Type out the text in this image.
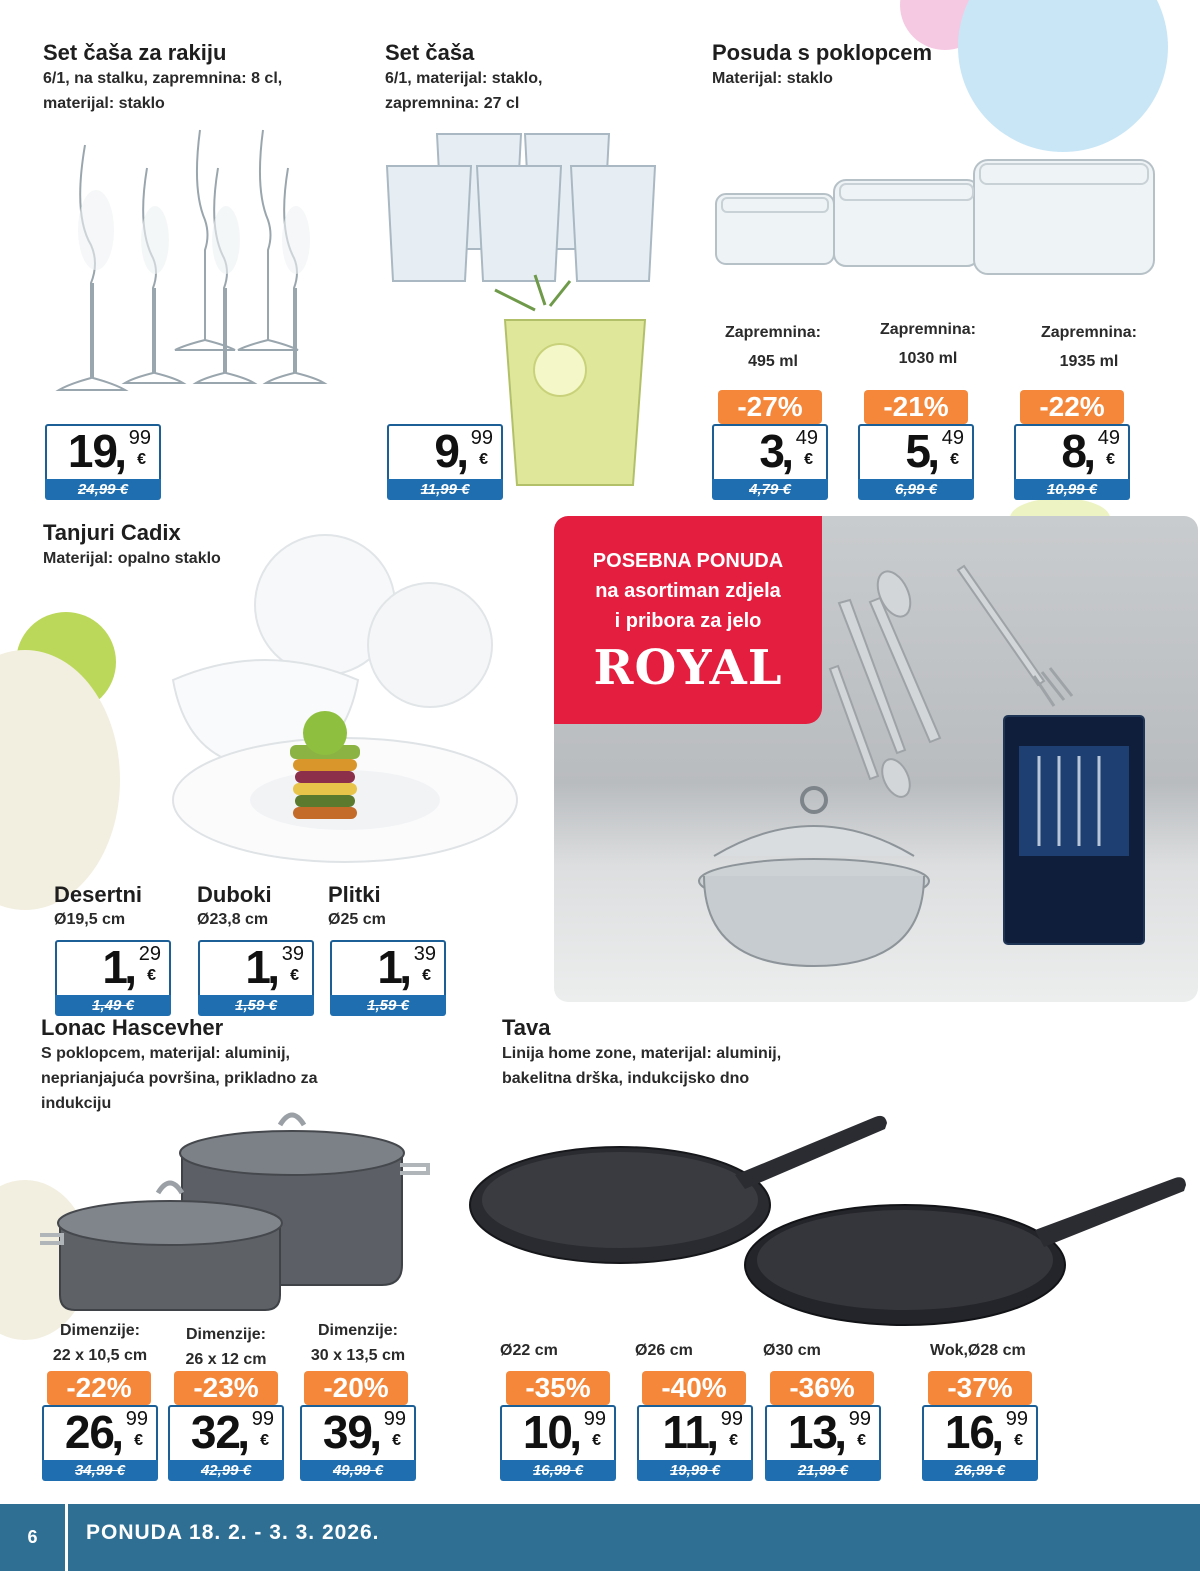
Set čaša za rakiju
6/1, na stalku, zapremnina: 8 cl,
materijal: staklo
19
, 99
€
24,99 €
Set čaša
6/1, materijal: staklo,
zapremnina: 27 cl
9
, 99
€
11,99 €
Posuda s poklopcem
Materijal: staklo
Zapremnina:
495 ml
Zapremnina:
1030 ml
Zapremnina:
1935 ml
-27%	-21%	-22%
3
, 49
€
4,79 €
5
, 49
€
6,99 €
8
, 49
€
10,99 €
Tanjuri Cadix
Materijal: opalno staklo
Desertni
Ø19,5 cm
Duboki
Ø23,8 cm
Plitki
Ø25 cm
1
, 29
€
1,49 €
1
, 39
€
1,59 €
1
, 39
€
1,59 €
POSEBNA PONUDA
na asortiman zdjela
i pribora za jelo
ROYAL
Lonac Hascevher
S poklopcem, materijal: aluminij,
neprianjajuća površina, prikladno za
indukciju
Dimenzije:
22 x 10,5 cm
Dimenzije:
26 x 12 cm
Dimenzije:
30 x 13,5 cm
-22%	-23%	-20%
26
, 99
€
34,99 €
32
, 99
€
42,99 €
39
, 99
€
49,99 €
Tava
Linija home zone, materijal: aluminij,
bakelitna drška, indukcijsko dno
Ø22 cm	Ø26 cm	Ø30 cm	Wok,Ø28 cm
-35%	-40%	-36%	-37%
10
, 99
€
16,99 €
11
, 99
€
19,99 €
13
, 99
€
21,99 €
16
, 99
€
26,99 €
6	PONUDA 18. 2. - 3. 3. 2026.
